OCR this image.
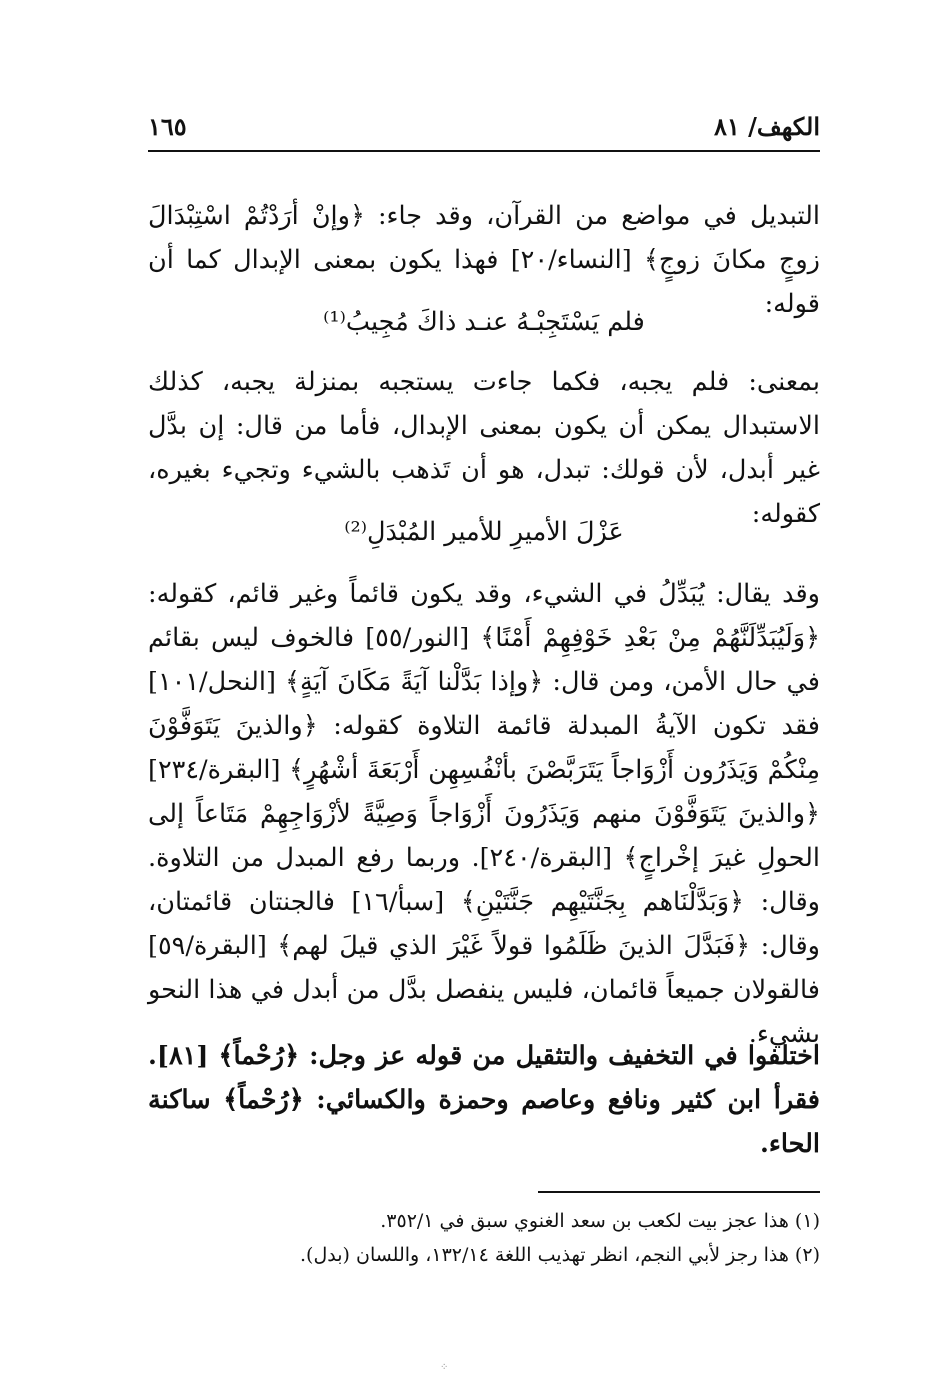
الكهف/ ٨١
١٦٥
التبديل في مواضع من القرآن، وقد جاء: ﴿وإنْ أرَدْتُمْ اسْتِبْدَالَ زوجٍ مكانَ زوجٍ﴾ [النساء/٢٠] فهذا يكون بمعنى الإبدال كما أن قوله:
فلم يَسْتَجِبْـهُ عنـد ذاكَ مُجِيبُ⁽¹⁾
بمعنى: فلم يجبه، فكما جاءت يستجبه بمنزلة يجبه، كذلك الاستبدال يمكن أن يكون بمعنى الإبدال، فأما من قال: إن بدَّل غير أبدل، لأن قولك: تبدل، هو أن تَذهب بالشيء وتجيء بغيره، كقوله:
عَزْلَ الأميرِ للأمير المُبْدَلِ⁽²⁾
وقد يقال: يُبَدِّلُ في الشيء، وقد يكون قائماً وغير قائم، كقوله: ﴿وَلَيُبَدِّلَنَّهُمْ مِنْ بَعْدِ خَوْفِهِمْ أَمْنًا﴾ [النور/٥٥] فالخوف ليس بقائم في حال الأمن، ومن قال: ﴿وإذا بَدَّلْنا آيَةً مَكَانَ آيَةٍ﴾ [النحل/١٠١] فقد تكون الآيةُ المبدلة قائمة التلاوة كقوله: ﴿والذينَ يَتَوَفَّوْنَ مِنْكُمْ وَيَذَرُون أَزْوَاجاً يَتَرَبَّصْنَ بأنْفُسِهِن أَرْبَعَةَ أشْهُرٍ﴾ [البقرة/٢٣٤] ﴿والذينَ يَتَوَفَّوْنَ منهم وَيَذَرُونَ أَزْوَاجاً وَصِيَّةً لأزْوَاجِهِمْ مَتَاعاً إلى الحولِ غيرَ إخْراجٍ﴾ [البقرة/٢٤٠]. وربما رفع المبدل من التلاوة. وقال: ﴿وَبَدَّلْنَاهم بِجَنَّتَيْهِم جَنَّتَيْنِ﴾ [سبأ/١٦] فالجنتان قائمتان، وقال: ﴿فَبَدَّلَ الذينَ ظَلَمُوا قولاً غَيْرَ الذي قيلَ لهم﴾ [البقرة/٥٩] فالقولان جميعاً قائمان، فليس ينفصل بدَّل من أبدل في هذا النحو بشيء.
اختلفوا في التخفيف والتثقيل من قوله عز وجل: ﴿رُحْماً﴾ [٨١]. فقرأ ابن كثير ونافع وعاصم وحمزة والكسائي: ﴿رُحْماً﴾ ساكنة الحاء.
(١) هذا عجز بيت لكعب بن سعد الغنوي سبق في ٣٥٢/١.
(٢) هذا رجز لأبي النجم، انظر تهذيب اللغة ١٣٢/١٤، واللسان (بدل).
⁘
